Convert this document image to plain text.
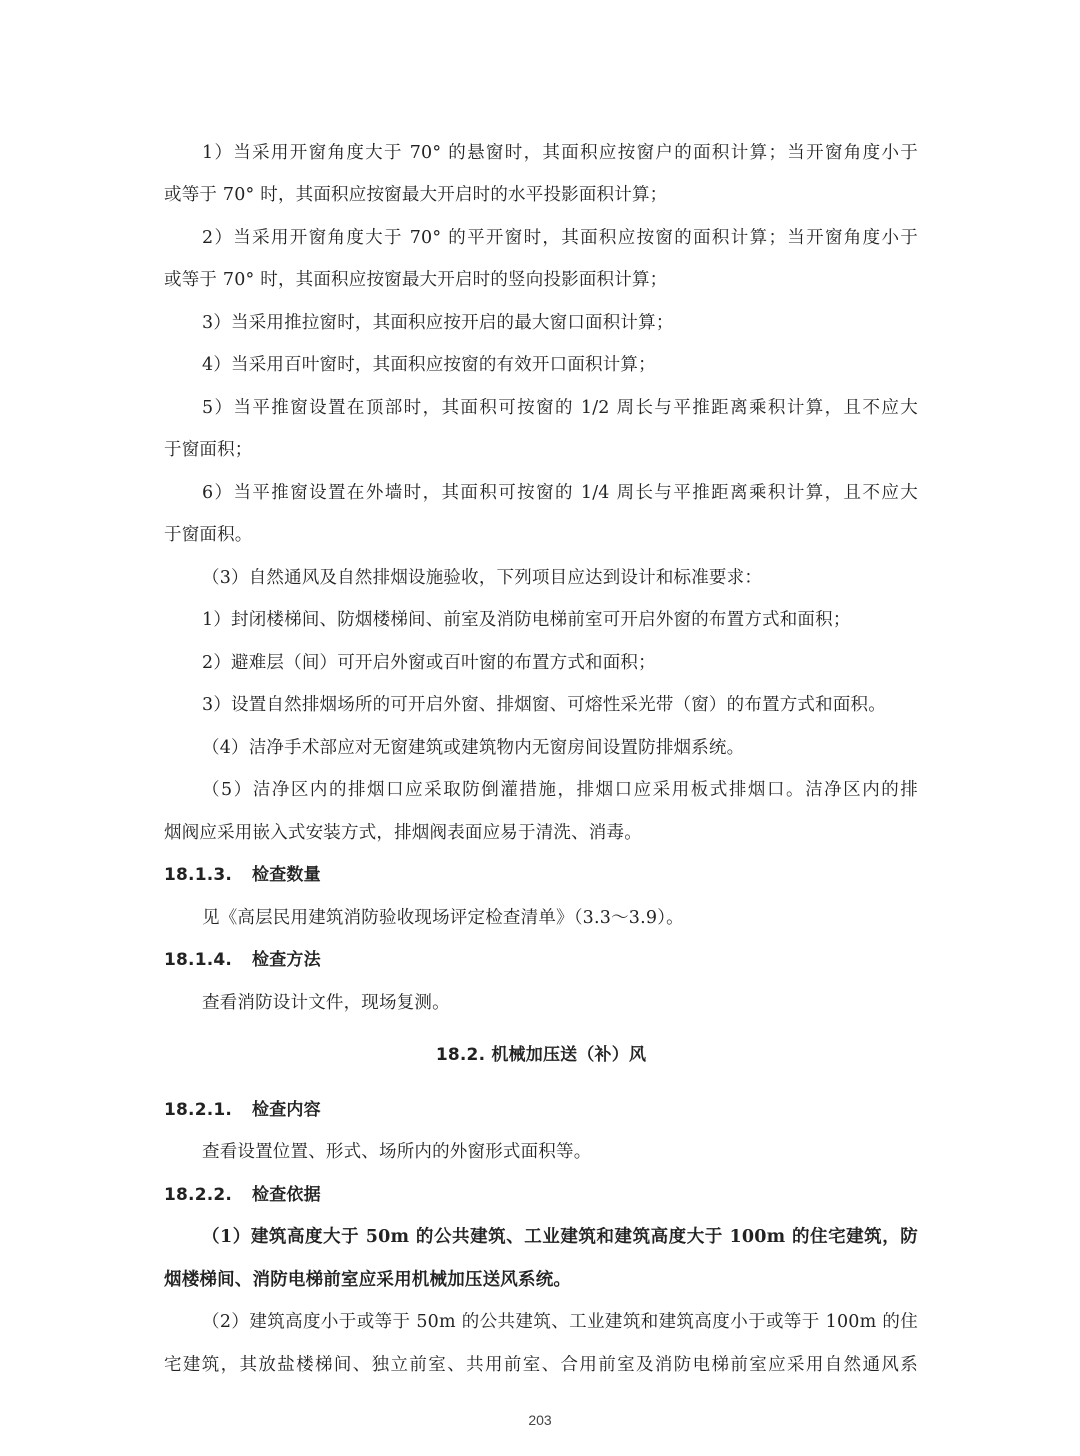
1）当采用开窗角度大于 70° 的悬窗时，其面积应按窗户的面积计算；当开窗角度小于
或等于 70° 时，其面积应按窗最大开启时的水平投影面积计算；
2）当采用开窗角度大于 70° 的平开窗时，其面积应按窗的面积计算；当开窗角度小于
或等于 70° 时，其面积应按窗最大开启时的竖向投影面积计算；
3）当采用推拉窗时，其面积应按开启的最大窗口面积计算；
4）当采用百叶窗时，其面积应按窗的有效开口面积计算；
5）当平推窗设置在顶部时，其面积可按窗的 1/2 周长与平推距离乘积计算，且不应大
于窗面积；
6）当平推窗设置在外墙时，其面积可按窗的 1/4 周长与平推距离乘积计算，且不应大
于窗面积。
（3）自然通风及自然排烟设施验收，下列项目应达到设计和标准要求：
1）封闭楼梯间、防烟楼梯间、前室及消防电梯前室可开启外窗的布置方式和面积；
2）避难层（间）可开启外窗或百叶窗的布置方式和面积；
3）设置自然排烟场所的可开启外窗、排烟窗、可熔性采光带（窗）的布置方式和面积。
（4）洁净手术部应对无窗建筑或建筑物内无窗房间设置防排烟系统。
（5）洁净区内的排烟口应采取防倒灌措施，排烟口应采用板式排烟口。洁净区内的排
烟阀应采用嵌入式安装方式，排烟阀表面应易于清洗、消毒。
18.1.3. 检查数量
见《高层民用建筑消防验收现场评定检查清单》（3.3～3.9）。
18.1.4. 检查方法
查看消防设计文件，现场复测。
18.2. 机械加压送（补）风
18.2.1. 检查内容
查看设置位置、形式、场所内的外窗形式面积等。
18.2.2. 检查依据
（1）建筑高度大于 50m 的公共建筑、工业建筑和建筑高度大于 100m 的住宅建筑，防
烟楼梯间、消防电梯前室应采用机械加压送风系统。
（2）建筑高度小于或等于 50m 的公共建筑、工业建筑和建筑高度小于或等于 100m 的住
宅建筑，其放盐楼梯间、独立前室、共用前室、合用前室及消防电梯前室应采用自然通风系
203
